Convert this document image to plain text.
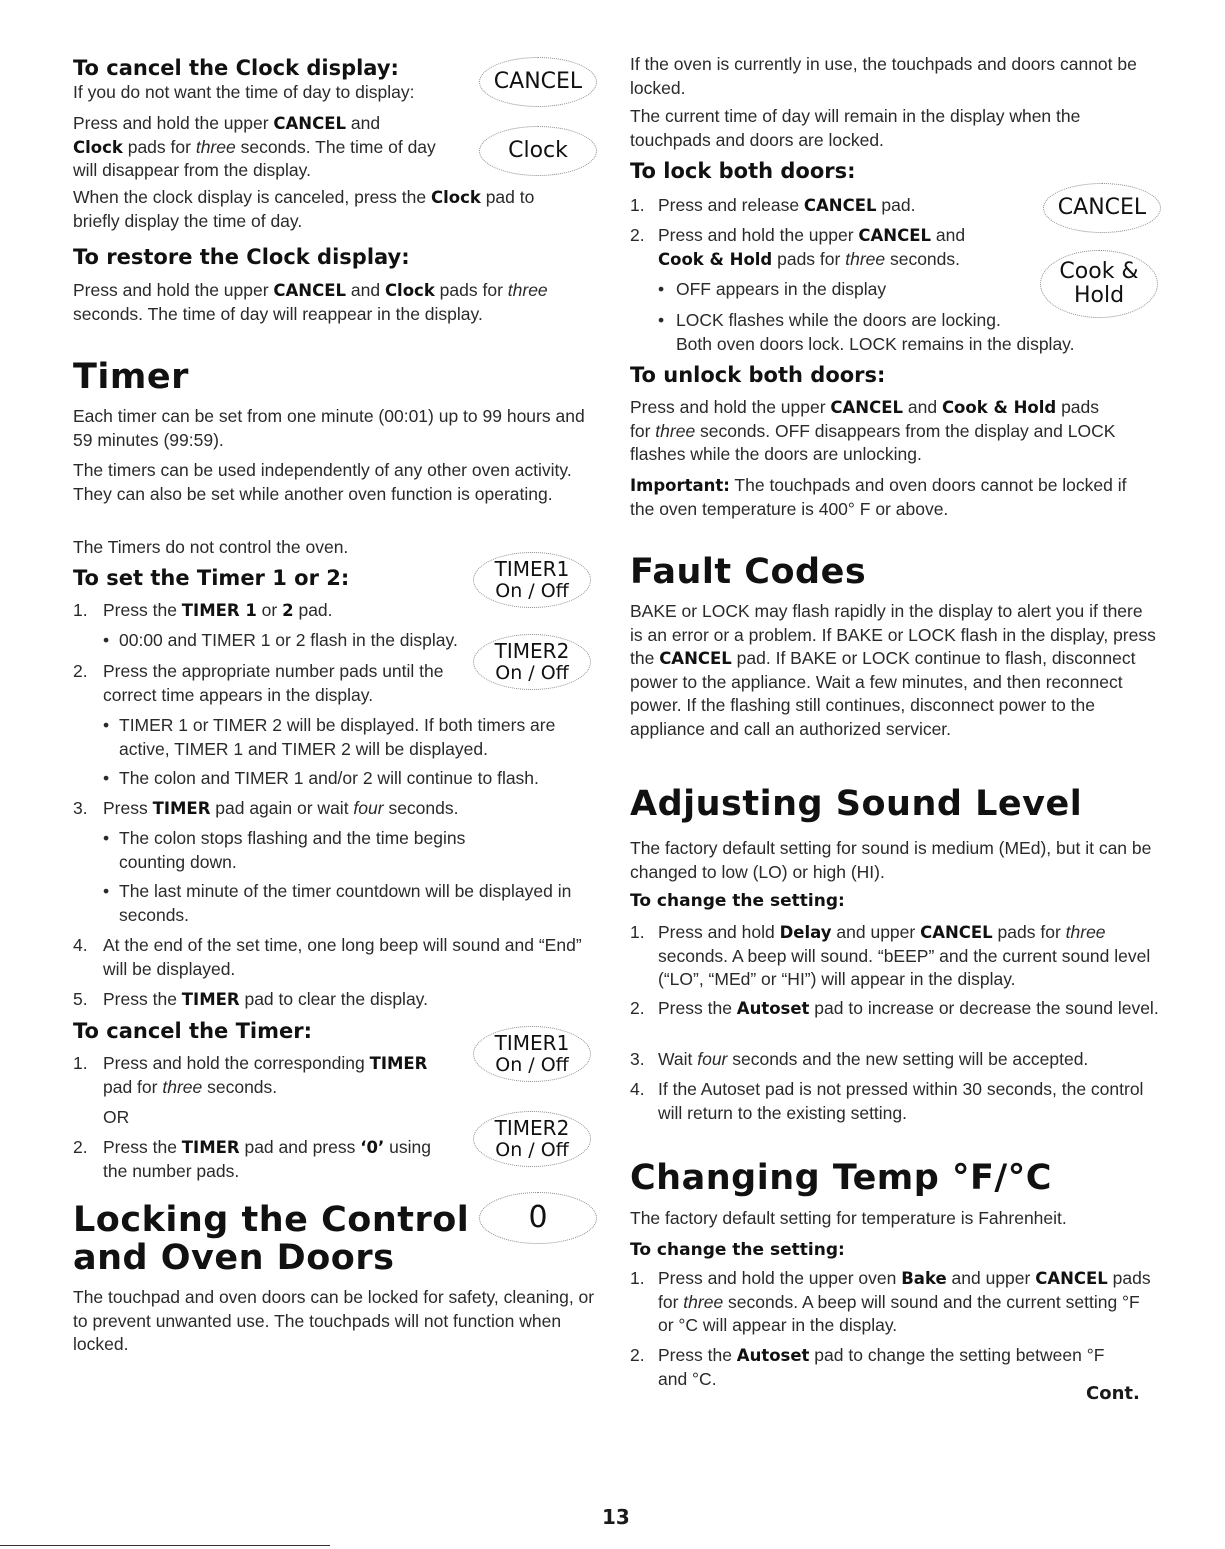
To cancel the Clock display:

If you do not want the time of day to display:

Press and hold the upper CANCEL and
Clock pads for three seconds. The time of day
will disappear from the display.

When the clock display is canceled, press the Clock pad to
briefly display the time of day.

To restore the Clock display:

Press and hold the upper CANCEL and Clock pads for three
seconds. The time of day will reappear in the display.

Timer

Each timer can be set from one minute (00:01) up to 99 hours and 59 minutes (99:59).

The timers can be used independently of any other oven activity. They can also be set while another oven function is operating.

The Timers do not control the oven.

To set the Timer 1 or 2:
1. Press the TIMER 1 or 2 pad.
• 00:00 and TIMER 1 or 2 flash in the display.
2. Press the appropriate number pads until the
correct time appears in the display.
• TIMER 1 or TIMER 2 will be displayed. If both timers are active, TIMER 1 and TIMER 2 will be displayed.
• The colon and TIMER 1 and/or 2 will continue to flash.
3. Press TIMER pad again or wait four seconds.
• The colon stops flashing and the time begins counting down.
• The last minute of the timer countdown will be displayed in seconds.
4. At the end of the set time, one long beep will sound and “End” will be displayed.
5. Press the TIMER pad to clear the display.
To cancel the Timer:
1. Press and hold the corresponding TIMER
pad for three seconds.
OR
2. Press the TIMER pad and press ‘0’ using
the number pads.
Locking the Control
and Oven Doors

The touchpad and oven doors can be locked for safety, cleaning, or to prevent unwanted use. The touchpads will not function when locked.

CANCEL
Clock
TIMER1
On / Off
TIMER2
On / Off
TIMER1
On / Off
TIMER2
On / Off
0
CANCEL
Cook &
Hold

If the oven is currently in use, the touchpads and doors cannot be locked.

The current time of day will remain in the display when the touchpads and doors are locked.

To lock both doors:
1. Press and release CANCEL pad.
2. Press and hold the upper CANCEL and
Cook & Hold pads for three seconds.
• OFF appears in the display
• LOCK flashes while the doors are locking.
Both oven doors lock. LOCK remains in the display.
To unlock both doors:

Press and hold the upper CANCEL and Cook & Hold pads
for three seconds. OFF disappears from the display and LOCK flashes while the doors are unlocking.

Important: The touchpads and oven doors cannot be locked if the oven temperature is 400° F or above.

Fault Codes

BAKE or LOCK may flash rapidly in the display to alert you if there is an error or a problem. If BAKE or LOCK flash in the display, press the CANCEL pad. If BAKE or LOCK continue to flash, disconnect power to the appliance. Wait a few minutes, and then reconnect power. If the flashing still continues, disconnect power to the appliance and call an authorized servicer.

Adjusting Sound Level

The factory default setting for sound is medium (MEd), but it can be changed to low (LO) or high (HI).

To change the setting:
1. Press and hold Delay and upper CANCEL pads for three seconds. A beep will sound. “bEEP” and the current sound level (“LO”, “MEd” or “HI”) will appear in the display.
2. Press the Autoset pad to increase or decrease the sound level.
3. Wait four seconds and the new setting will be accepted.
4. If the Autoset pad is not pressed within 30 seconds, the control will return to the existing setting.
Changing Temp °F/°C

The factory default setting for temperature is Fahrenheit.

To change the setting:
1. Press and hold the upper oven Bake and upper CANCEL pads for three seconds. A beep will sound and the current setting °F or °C will appear in the display.
2. Press the Autoset pad to change the setting between °F and °C.
Cont.
13
